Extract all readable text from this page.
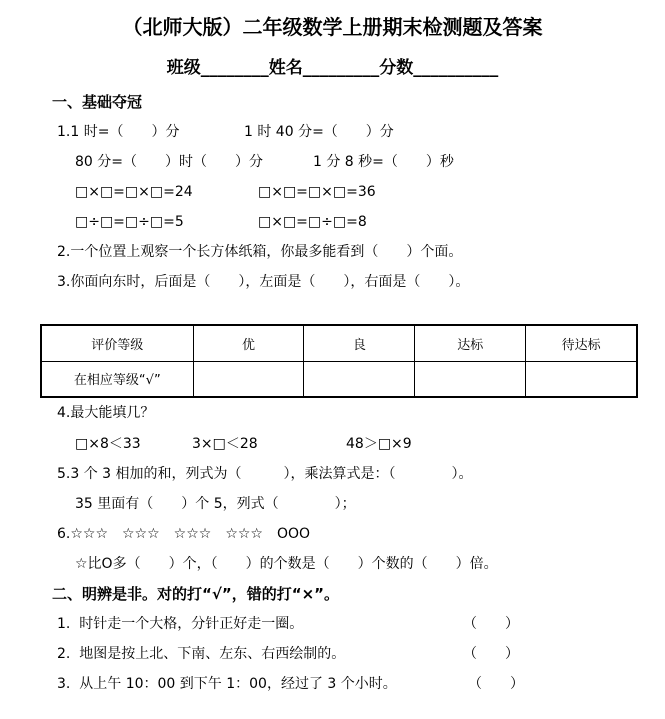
（北师大版）二年级数学上册期末检测题及答案
班级________姓名_________分数__________
一、基础夺冠
1.1 时=（　　）分	1 时 40 分=（　　）分
80 分=（　　）时（　　）分	1 分 8 秒=（　　）秒
□×□=□×□=24	□×□=□×□=36
□÷□=□÷□=5	□×□=□÷□=8
2.一个位置上观察一个长方体纸箱，你最多能看到（　　）个面。
3.你面向东时，后面是（　　），左面是（　　），右面是（　　）。
评价等级	优	良	达标	待达标
在相应等级“√”				
4.最大能填几？
□×8＜33	3×□＜28	48＞□×9
5.3 个 3 相加的和，列式为（　　　），乘法算式是：（　　　　）。
35 里面有（　　）个 5，列式（　　　　）；
6.☆☆☆　☆☆☆　☆☆☆　☆☆☆　OOO
☆比O多（　　）个，（　　）的个数是（　　）个数的（　　）倍。
二、明辨是非。对的打“√”，错的打“×”。
1.  时针走一个大格，分针正好走一圈。	（　　）
2.  地图是按上北、下南、左东、右西绘制的。	（　　）
3.  从上午 10：00 到下午 1：00，经过了 3 个小时。	（　　）
